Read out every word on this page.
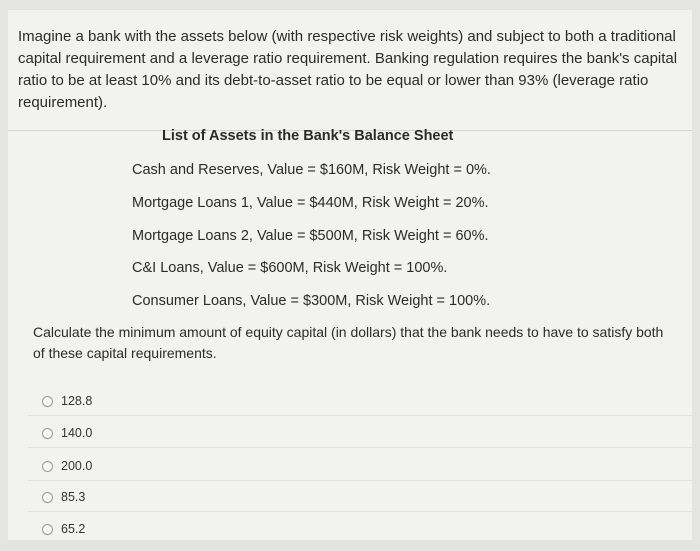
Imagine a bank with the assets below (with respective risk weights) and subject to both a traditional capital requirement and a leverage ratio requirement. Banking regulation requires the bank's capital ratio to be at least 10% and its debt-to-asset ratio to be equal or lower than 93% (leverage ratio requirement).

List of Assets in the Bank's Balance Sheet
Cash and Reserves, Value = $160M, Risk Weight = 0%.
Mortgage Loans 1, Value = $440M, Risk Weight = 20%.
Mortgage Loans 2, Value = $500M, Risk Weight = 60%.
C&I Loans, Value = $600M, Risk Weight = 100%.
Consumer Loans, Value = $300M, Risk Weight = 100%.

Calculate the minimum amount of equity capital (in dollars) that the bank needs to have to satisfy both of these capital requirements.

128.8
140.0
200.0
85.3
65.2
